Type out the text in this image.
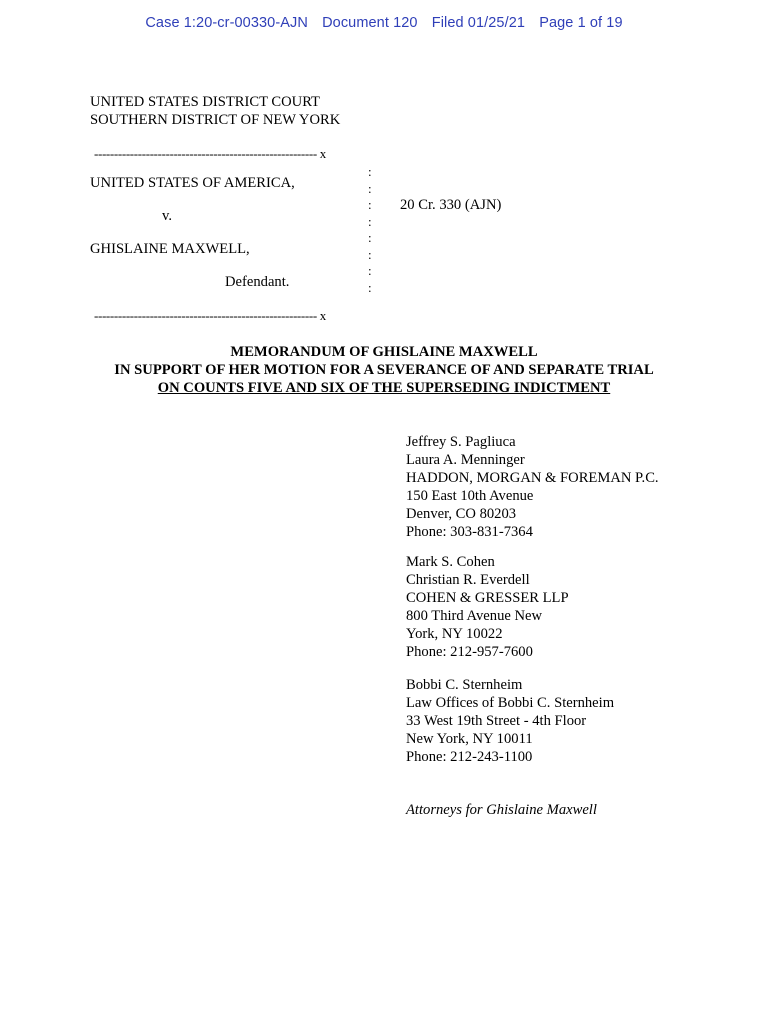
Case 1:20-cr-00330-AJN Document 120 Filed 01/25/21 Page 1 of 19
UNITED STATES DISTRICT COURT
SOUTHERN DISTRICT OF NEW YORK
-------------------------------------------------------- x
UNITED STATES OF AMERICA,
v.
GHISLAINE MAXWELL,
Defendant.
-------------------------------------------------------- x
:
:
:
:
:
:
:
:
20 Cr. 330 (AJN)
MEMORANDUM OF GHISLAINE MAXWELL
IN SUPPORT OF HER MOTION FOR A SEVERANCE OF AND SEPARATE TRIAL
ON COUNTS FIVE AND SIX OF THE SUPERSEDING INDICTMENT
Jeffrey S. Pagliuca
Laura A. Menninger
HADDON, MORGAN & FOREMAN P.C.
150 East 10th Avenue
Denver, CO 80203
Phone: 303-831-7364
Mark S. Cohen
Christian R. Everdell
COHEN & GRESSER LLP
800 Third Avenue New
York, NY 10022
Phone: 212-957-7600
Bobbi C. Sternheim
Law Offices of Bobbi C. Sternheim
33 West 19th Street - 4th Floor
New York, NY 10011
Phone: 212-243-1100
Attorneys for Ghislaine Maxwell
